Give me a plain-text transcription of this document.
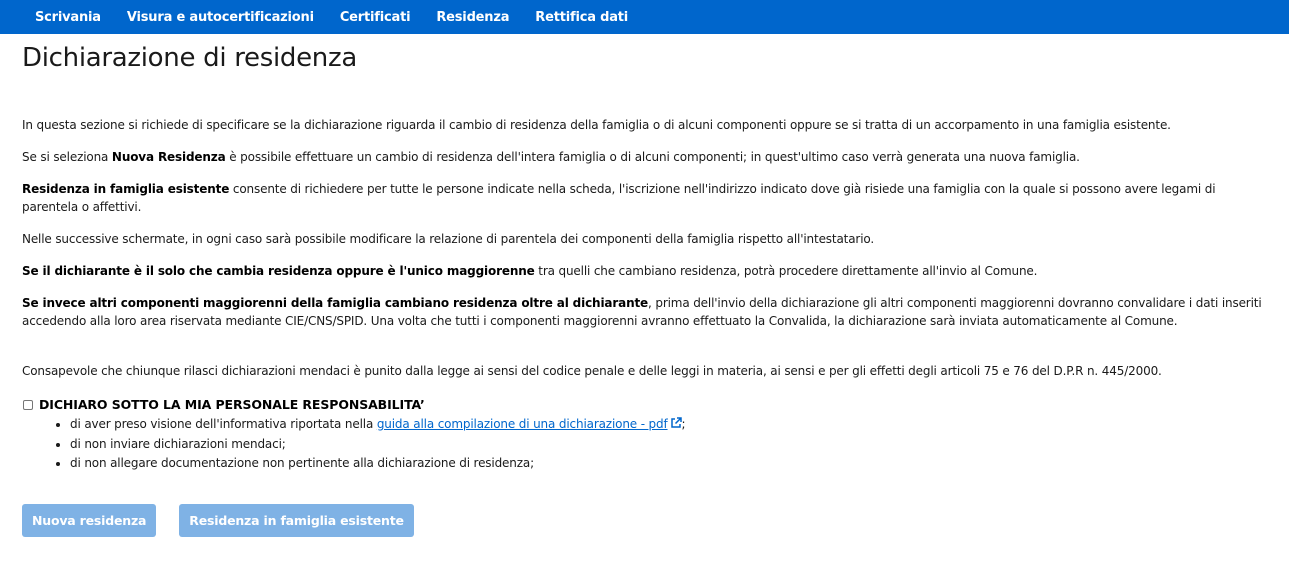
Scrivania Visura e autocertificazioni Certificati Residenza Rettifica dati
Dichiarazione di residenza

In questa sezione si richiede di specificare se la dichiarazione riguarda il cambio di residenza della famiglia o di alcuni componenti oppure se si tratta di un accorpamento in una famiglia esistente.

Se si seleziona Nuova Residenza è possibile effettuare un cambio di residenza dell'intera famiglia o di alcuni componenti; in quest'ultimo caso verrà generata una nuova famiglia.

Residenza in famiglia esistente consente di richiedere per tutte le persone indicate nella scheda, l'iscrizione nell'indirizzo indicato dove già risiede una famiglia con la quale si possono avere legami di parentela o affettivi.

Nelle successive schermate, in ogni caso sarà possibile modificare la relazione di parentela dei componenti della famiglia rispetto all'intestatario.

Se il dichiarante è il solo che cambia residenza oppure è l'unico maggiorenne tra quelli che cambiano residenza, potrà procedere direttamente all'invio al Comune.

Se invece altri componenti maggiorenni della famiglia cambiano residenza oltre al dichiarante, prima dell'invio della dichiarazione gli altri componenti maggiorenni dovranno convalidare i dati inseriti accedendo alla loro area riservata mediante CIE/CNS/SPID. Una volta che tutti i componenti maggiorenni avranno effettuato la Convalida, la dichiarazione sarà inviata automaticamente al Comune.

Consapevole che chiunque rilasci dichiarazioni mendaci è punito dalla legge ai sensi del codice penale e delle leggi in materia, ai sensi e per gli effetti degli articoli 75 e 76 del D.P.R n. 445/2000.

DICHIARO SOTTO LA MIA PERSONALE RESPONSABILITA’
• di aver preso visione dell'informativa riportata nella guida alla compilazione di una dichiarazione - pdf ;
• di non inviare dichiarazioni mendaci;
• di non allegare documentazione non pertinente alla dichiarazione di residenza;
Nuova residenza	Residenza in famiglia esistente
